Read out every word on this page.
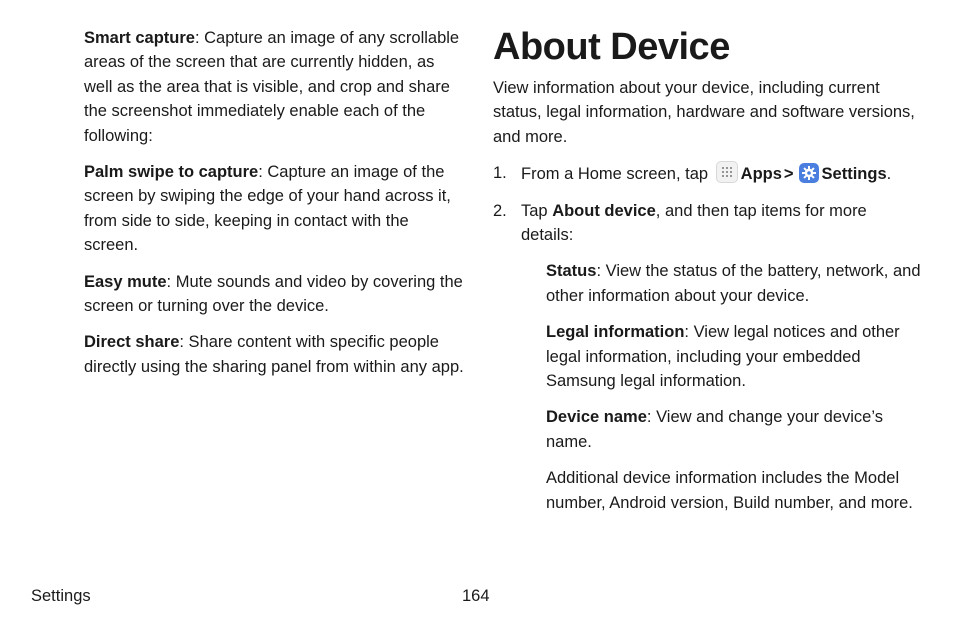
Smart capture: Capture an image of any scrollable areas of the screen that are currently hidden, as well as the area that is visible, and crop and share the screenshot immediately enable each of the following:

Palm swipe to capture: Capture an image of the screen by swiping the edge of your hand across it, from side to side, keeping in contact with the screen.

Easy mute: Mute sounds and video by covering the screen or turning over the device.

Direct share: Share content with specific people directly using the sharing panel from within any app.

About Device

View information about your device, including current status, legal information, hardware and software versions, and more.

1. From a Home screen, tap
Apps > Settings.

2. Tap About device, and then tap items for more details:

Status: View the status of the battery, network, and other information about your device.

Legal information: View legal notices and other legal information, including your embedded Samsung legal information.

Device name: View and change your device’s name.

Additional device information includes the Model number, Android version, Build number, and more.

Settings	164
